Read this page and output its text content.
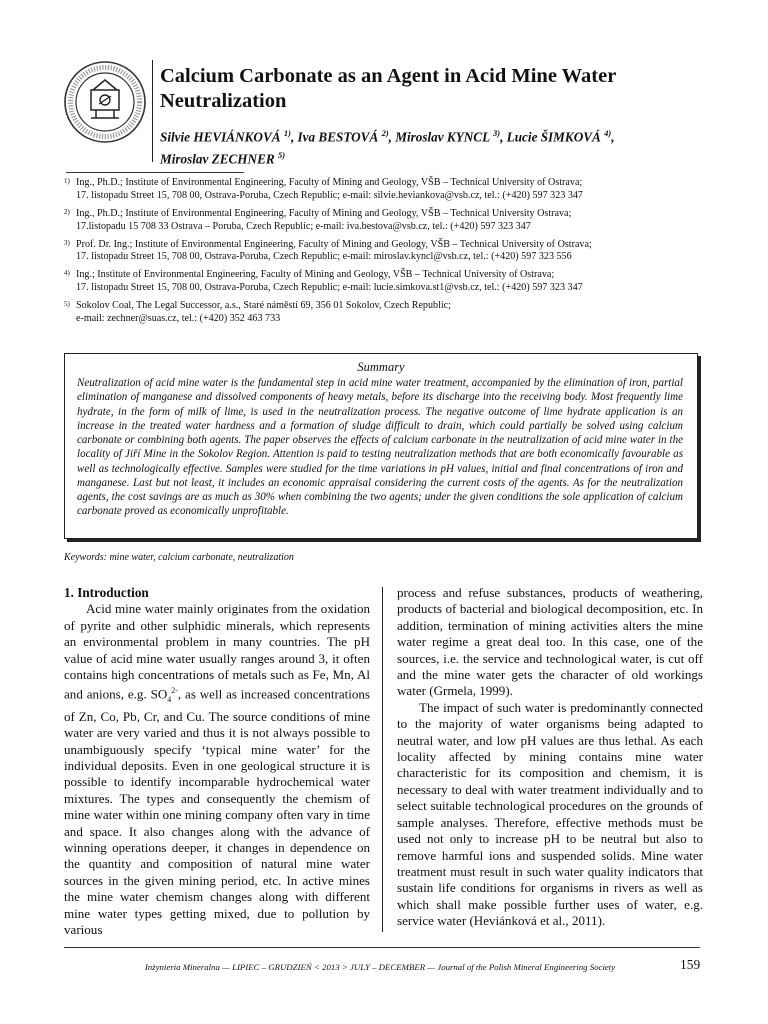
Calcium Carbonate as an Agent in Acid Mine Water
Neutralization
Silvie HEVIÁNKOVÁ $^{1)}$, Iva BESTOVÁ $^{2)}$, Miroslav KYNCL $^{3)}$, Lucie ŠIMKOVÁ $^{4)}$,
Miroslav ZECHNER $^{5)}$
1) Ing., Ph.D.; Institute of Environmental Engineering, Faculty of Mining and Geology, VŠB – Technical University of Ostrava;
17. listopadu Street 15, 708 00, Ostrava-Poruba, Czech Republic; e-mail: silvie.heviankova@vsb.cz, tel.: (+420) 597 323 347
2) Ing., Ph.D.; Institute of Environmental Engineering, Faculty of Mining and Geology, VŠB – Technical University Ostrava;
17.listopadu 15 708 33 Ostrava – Poruba, Czech Republic; e-mail: iva.bestova@vsb.cz, tel.: (+420) 597 323 347
3) Prof. Dr. Ing.; Institute of Environmental Engineering, Faculty of Mining and Geology, VŠB – Technical University of Ostrava;
17. listopadu Street 15, 708 00, Ostrava-Poruba, Czech Republic; e-mail: miroslav.kyncl@vsb.cz, tel.: (+420) 597 323 556
4) Ing.; Institute of Environmental Engineering, Faculty of Mining and Geology, VŠB – Technical University of Ostrava;
17. listopadu Street 15, 708 00, Ostrava-Poruba, Czech Republic; e-mail: lucie.simkova.st1@vsb.cz, tel.: (+420) 597 323 347
5) Sokolov Coal, The Legal Successor, a.s., Staré náměstí 69, 356 01 Sokolov, Czech Republic;
e-mail: zechner@suas.cz, tel.: (+420) 352 463 733
Summary
Neutralization of acid mine water is the fundamental step in acid mine water treatment, accompanied by the elimination of iron, partial elimination of manganese and dissolved components of heavy metals, before its discharge into the receiving body. Most frequently lime hydrate, in the form of milk of lime, is used in the neutralization process. The negative outcome of lime hydrate application is an increase in the treated water hardness and a formation of sludge difficult to drain, which could partially be solved using calcium carbonate or combining both agents. The paper observes the effects of calcium carbonate in the neutralization of acid mine water in the locality of Jiří Mine in the Sokolov Region. Attention is paid to testing neutralization methods that are both economically favourable as well as technologically effective. Samples were studied for the time variations in pH values, initial and final concentrations of iron and manganese. Last but not least, it includes an economic appraisal considering the current costs of the agents. As for the neutralization agents, the cost savings are as much as 30% when combining the two agents; under the given conditions the sole application of calcium carbonate proved as economically unprofitable.
Keywords: mine water, calcium carbonate, neutralization
1. Introduction

Acid mine water mainly originates from the oxidation of pyrite and other sulphidic minerals, which represents an environmental problem in many countries. The pH value of acid mine water usually ranges around 3, it often contains high concentrations of metals such as Fe, Mn, Al and anions, e.g. $SO_4^{2-}$, as well as increased concentrations of Zn, Co, Pb, Cr, and Cu. The source conditions of mine water are very varied and thus it is not always possible to unambiguously specify ‘typical mine water’ for the individual deposits. Even in one geological structure it is possible to identify incomparable hydrochemical water mixtures. The types and consequently the chemism of mine water within one mining company often vary in time and space. It also changes along with the advance of winning operations deeper, it changes in dependence on the quantity and composition of natural mine water sources in the given mining period, etc. In active mines the mine water chemism changes along with different mine water types getting mixed, due to pollution by various

process and refuse substances, products of weathering, products of bacterial and biological decomposition, etc. In addition, termination of mining activities alters the mine water regime a great deal too. In this case, one of the sources, i.e. the service and technological water, is cut off and the mine water gets the character of old workings water (Grmela, 1999).

The impact of such water is predominantly connected to the majority of water organisms being adapted to neutral water, and low pH values are thus lethal. As each locality affected by mining contains mine water characteristic for its composition and chemism, it is necessary to deal with water treatment individually and to select suitable technological procedures on the grounds of sample analyses. Therefore, effective methods must be used not only to increase pH to be neutral but also to remove harmful ions and suspended solids. Mine water treatment must result in such water quality indicators that sustain life conditions for organisms in rivers as well as which shall make possible further uses of water, e.g. service water (Heviánková et al., 2011).

Inżynieria Mineralna — LIPIEC – GRUDZIEŃ < 2013 > JULY – DECEMBER — Journal of the Polish Mineral Engineering Society	159
